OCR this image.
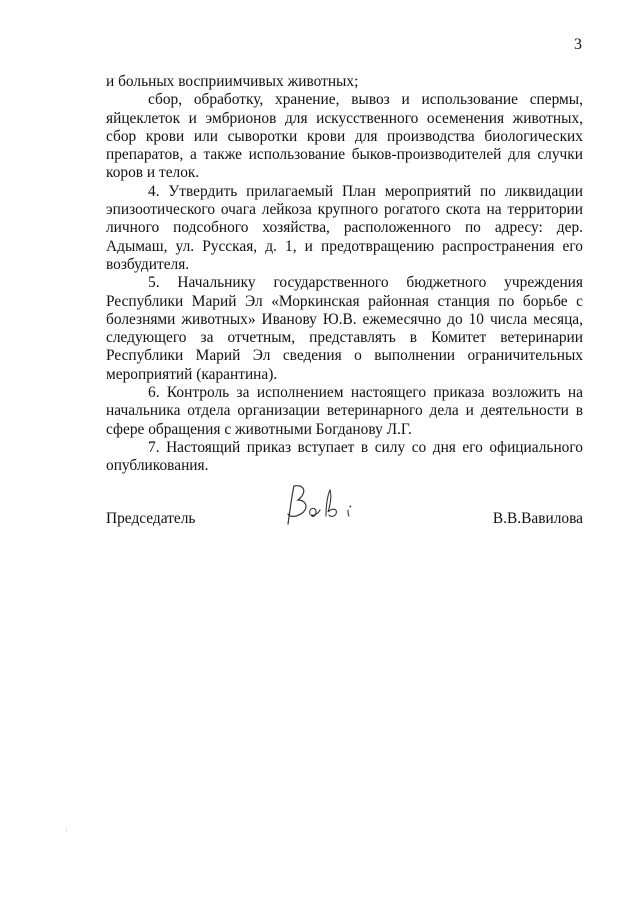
3

и больных восприимчивых животных;

сбор, обработку, хранение, вывоз и использование спермы, яйцеклеток и эмбрионов для искусственного осеменения животных, сбор крови или сыворотки крови для производства биологических препаратов, а также использование быков-производителей для случки коров и телок.

4. Утвердить прилагаемый План мероприятий по ликвидации эпизоотического очага лейкоза крупного рогатого скота на территории личного подсобного хозяйства, расположенного по адресу: дер. Адымаш, ул. Русская, д. 1, и предотвращению распространения его возбудителя.

5. Начальнику государственного бюджетного учреждения Республики Марий Эл «Моркинская районная станция по борьбе с болезнями животных» Иванову Ю.В. ежемесячно до 10 числа месяца, следующего за отчетным, представлять в Комитет ветеринарии Республики Марий Эл сведения о выполнении ограничительных мероприятий (карантина).

6. Контроль за исполнением настоящего приказа возложить на начальника отдела организации ветеринарного дела и деятельности в сфере обращения с животными Богданову Л.Г.

7. Настоящий приказ вступает в силу со дня его официального опубликования.

Председатель	В.В.Вавилова
